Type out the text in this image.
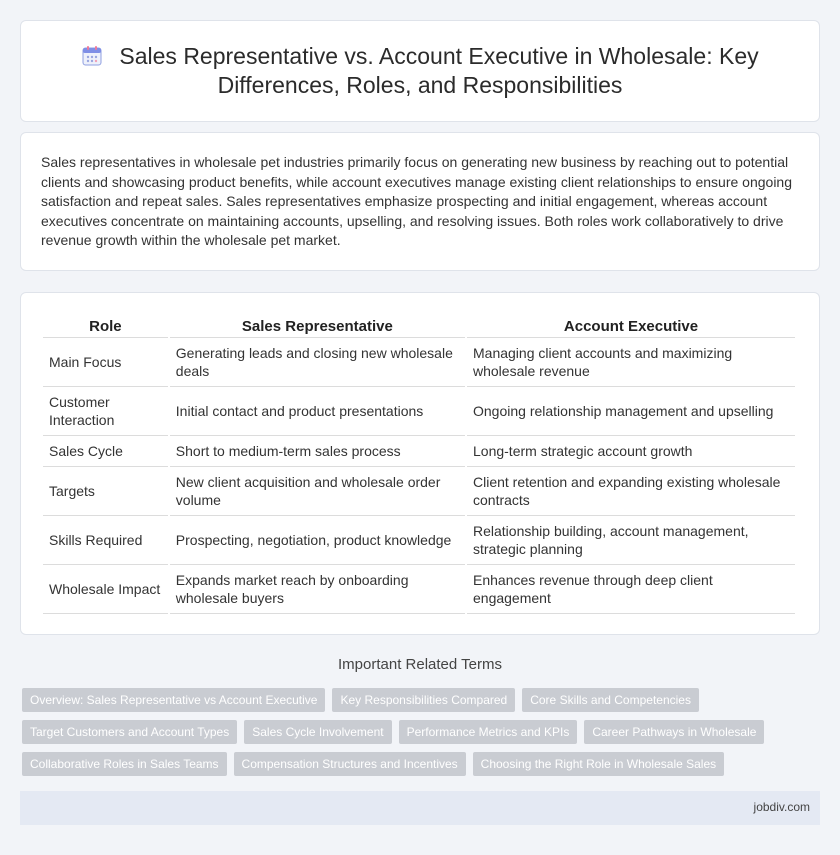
Sales Representative vs. Account Executive in Wholesale: Key Differences, Roles, and Responsibilities

Sales representatives in wholesale pet industries primarily focus on generating new business by reaching out to potential clients and showcasing product benefits, while account executives manage existing client relationships to ensure ongoing satisfaction and repeat sales. Sales representatives emphasize prospecting and initial engagement, whereas account executives concentrate on maintaining accounts, upselling, and resolving issues. Both roles work collaboratively to drive revenue growth within the wholesale pet market.

Role	Sales Representative	Account Executive
Main Focus	Generating leads and closing new wholesale deals	Managing client accounts and maximizing wholesale revenue
Customer Interaction	Initial contact and product presentations	Ongoing relationship management and upselling
Sales Cycle	Short to medium-term sales process	Long-term strategic account growth
Targets	New client acquisition and wholesale order volume	Client retention and expanding existing wholesale contracts
Skills Required	Prospecting, negotiation, product knowledge	Relationship building, account management, strategic planning
Wholesale Impact	Expands market reach by onboarding wholesale buyers	Enhances revenue through deep client engagement
Important Related Terms
Overview: Sales Representative vs Account Executive	Key Responsibilities Compared	Core Skills and Competencies
Target Customers and Account Types	Sales Cycle Involvement	Performance Metrics and KPIs	Career Pathways in Wholesale
Collaborative Roles in Sales Teams	Compensation Structures and Incentives	Choosing the Right Role in Wholesale Sales
jobdiv.com
